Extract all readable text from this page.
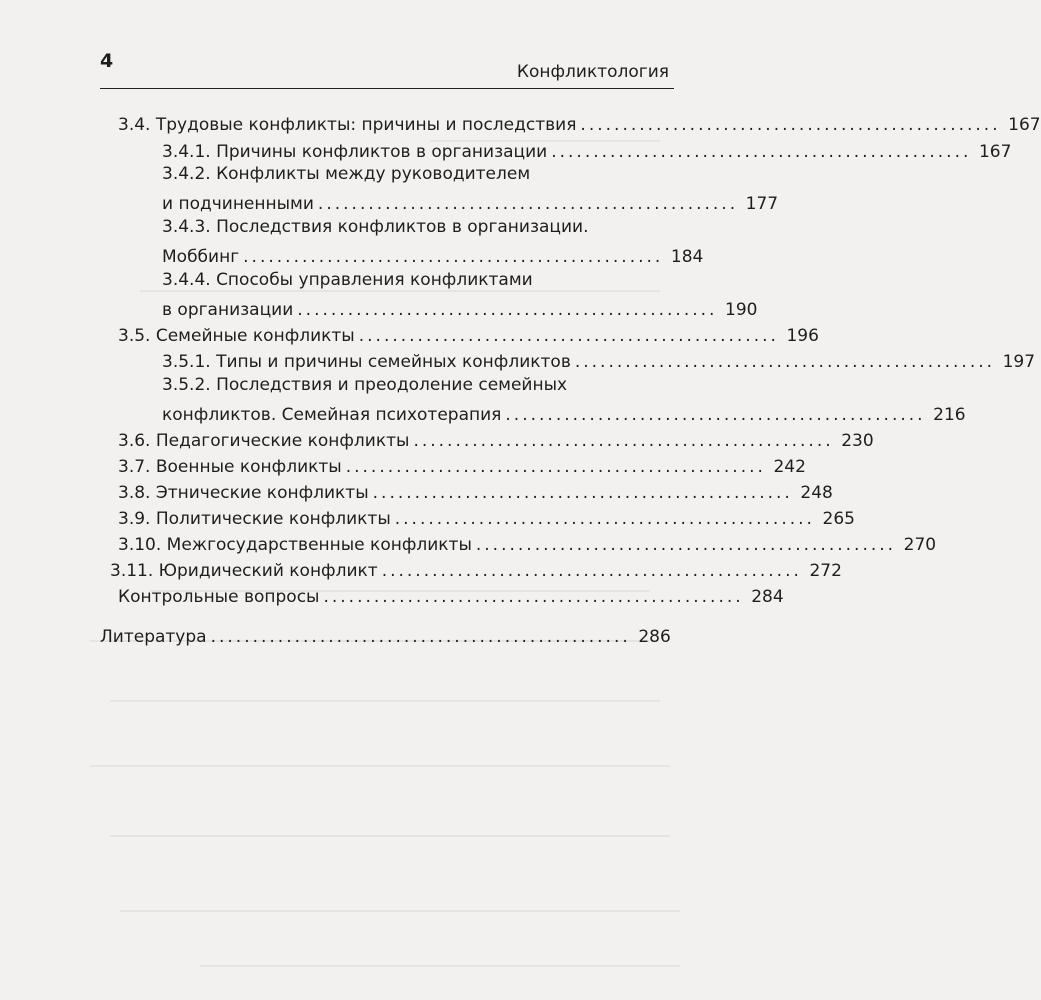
4	Конфликтология
3.4. Трудовые конфликты: причины и последствия .................................................. 167
3.4.1. Причины конфликтов в организации .................................................. 167
3.4.2. Конфликты между руководителем
и подчиненными .................................................. 177
3.4.3. Последствия конфликтов в организации.
Моббинг .................................................. 184
3.4.4. Способы управления конфликтами
в организации .................................................. 190
3.5. Семейные конфликты .................................................. 196
3.5.1. Типы и причины семейных конфликтов .................................................. 197
3.5.2. Последствия и преодоление семейных
конфликтов. Семейная психотерапия .................................................. 216
3.6. Педагогические конфликты .................................................. 230
3.7. Военные конфликты .................................................. 242
3.8. Этнические конфликты .................................................. 248
3.9. Политические конфликты .................................................. 265
3.10. Межгосударственные конфликты .................................................. 270
3.11. Юридический конфликт .................................................. 272
Контрольные вопросы .................................................. 284
Литература .................................................. 286
